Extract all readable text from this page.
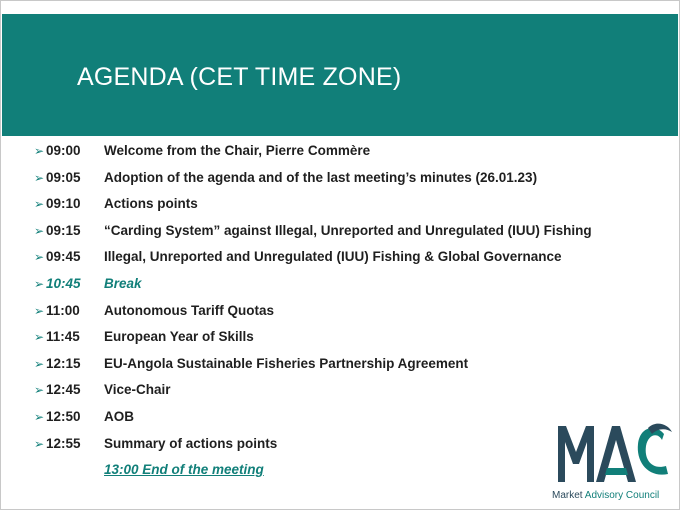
AGENDA (CET TIME ZONE)
➢ 09:00 Welcome from the Chair, Pierre Commère
➢ 09:05 Adoption of the agenda and of the last meeting’s minutes (26.01.23)
➢ 09:10 Actions points
➢ 09:15 “Carding System” against Illegal, Unreported and Unregulated (IUU) Fishing
➢ 09:45 Illegal, Unreported and Unregulated (IUU) Fishing & Global Governance
➢ 10:45 Break
➢ 11:00 Autonomous Tariff Quotas
➢ 11:45 European Year of Skills
➢ 12:15 EU-Angola Sustainable Fisheries Partnership Agreement
➢ 12:45 Vice-Chair
➢ 12:50 AOB
➢ 12:55 Summary of actions points
13:00 End of the meeting
Market Advisory Council
